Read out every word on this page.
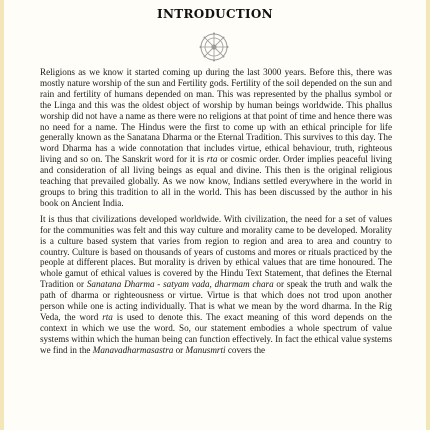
INTRODUCTION

Religions as we know it started coming up during the last 3000 years. Before this, there was mostly nature worship of the sun and Fertility gods. Fertility of the soil depended on the sun and rain and fertility of humans depended on man. This was represented by the phallus symbol or the Linga and this was the oldest object of worship by human beings worldwide. This phallus worship did not have a name as there were no religions at that point of time and hence there was no need for a name. The Hindus were the first to come up with an ethical principle for life generally known as the Sanatana Dharma or the Eternal Tradition. This survives to this day. The word Dharma has a wide connotation that includes virtue, ethical behaviour, truth, righteous living and so on. The Sanskrit word for it is rta or cosmic order. Order implies peaceful living and consideration of all living beings as equal and divine. This then is the original religious teaching that prevailed globally. As we now know, Indians settled everywhere in the world in groups to bring this tradition to all in the world. This has been discussed by the author in his book on Ancient India.

It is thus that civilizations developed worldwide. With civilization, the need for a set of values for the communities was felt and this way culture and morality came to be developed. Morality is a culture based system that varies from region to region and area to area and country to country. Culture is based on thousands of years of customs and mores or rituals practiced by the people at different places. But morality is driven by ethical values that are time honoured. The whole gamut of ethical values is covered by the Hindu Text Statement, that defines the Eternal Tradition or Sanatana Dharma - satyam vada, dharmam chara or speak the truth and walk the path of dharma or righteousness or virtue. Virtue is that which does not trod upon another person while one is acting individually. That is what we mean by the word dharma. In the Rig Veda, the word rta is used to denote this. The exact meaning of this word depends on the context in which we use the word. So, our statement embodies a whole spectrum of value systems within which the human being can function effectively. In fact the ethical value systems we find in the Manavadharmasastra or Manusmrti covers the
